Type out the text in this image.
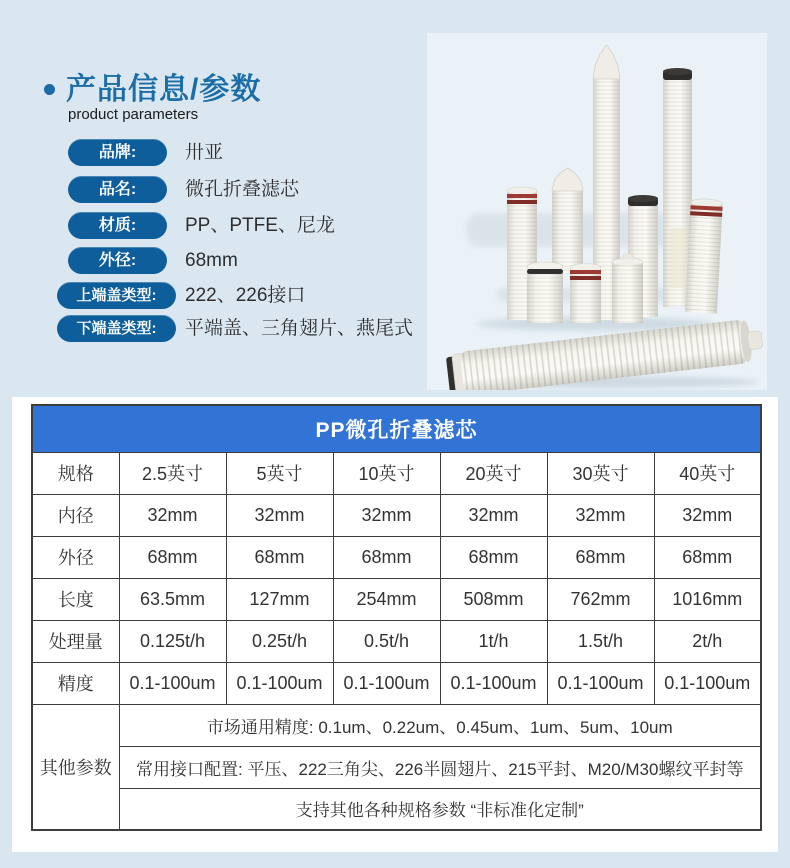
产品信息/参数
product parameters
品牌:	卅亚
品名:	微孔折叠滤芯
材质:	PP、PTFE、尼龙
外径:	68mm
上端盖类型:	222、226接口
下端盖类型:	平端盖、三角翅片、燕尾式
PP微孔折叠滤芯						
规格	2.5英寸	5英寸	10英寸	20英寸	30英寸	40英寸
内径	32mm	32mm	32mm	32mm	32mm	32mm
外径	68mm	68mm	68mm	68mm	68mm	68mm
长度	63.5mm	127mm	254mm	508mm	762mm	1016mm
处理量	0.125t/h	0.25t/h	0.5t/h	1t/h	1.5t/h	2t/h
精度	0.1-100um	0.1-100um	0.1-100um	0.1-100um	0.1-100um	0.1-100um
其他参数	市场通用精度: 0.1um、0.22um、0.45um、1um、5um、10um					
	常用接口配置: 平压、222三角尖、226半圆翅片、215平封、M20/M30螺纹平封等					
	支持其他各种规格参数 “非标准化定制”					
